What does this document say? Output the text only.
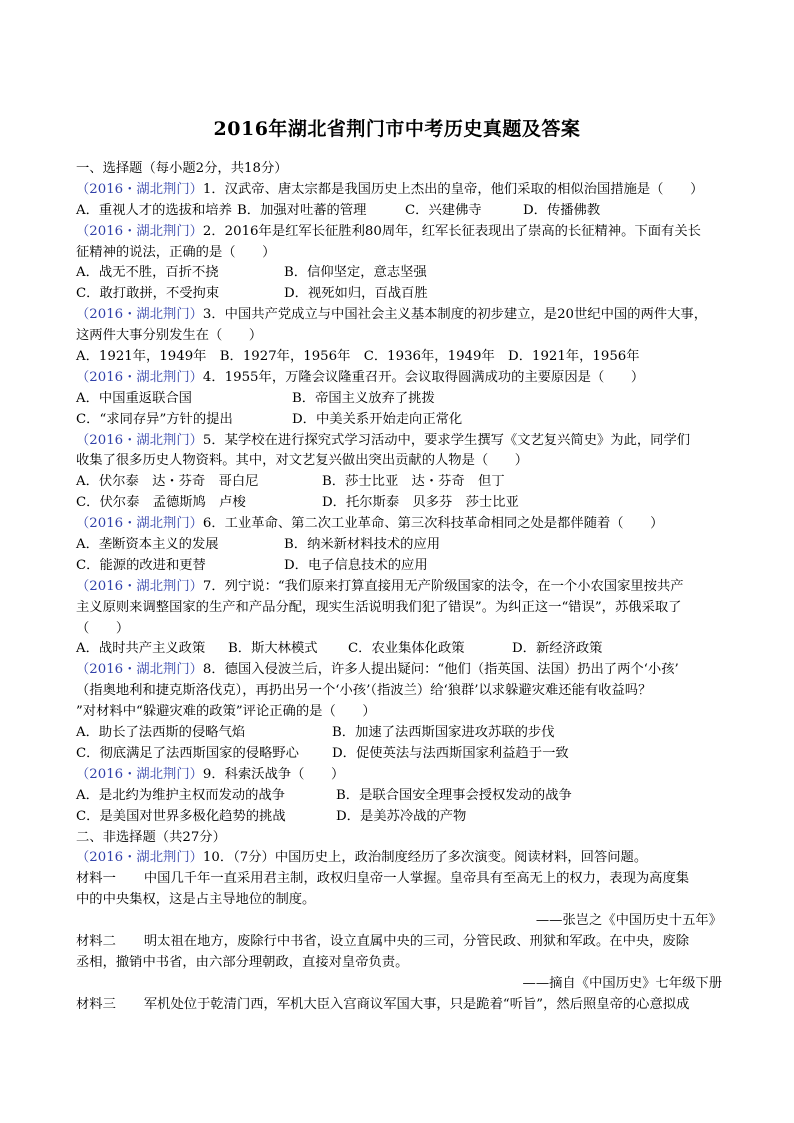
2016年湖北省荆门市中考历史真题及答案
一、选择题（每小题2分，共18分）
（2016・湖北荆门）1．汉武帝、唐太宗都是我国历史上杰出的皇帝，他们采取的相似治国措施是（　　）
A．重视人才的选拔和培养 B．加强对吐蕃的管理	C．兴建佛寺	D．传播佛教
（2016・湖北荆门）2．2016年是红军长征胜利80周年，红军长征表现出了崇高的长征精神。下面有关长
征精神的说法，正确的是（　　）
A．战无不胜，百折不挠	B．信仰坚定，意志坚强
C．敢打敢拼，不受拘束	D．视死如归，百战百胜
（2016・湖北荆门）3．中国共产党成立与中国社会主义基本制度的初步建立，是20世纪中国的两件大事，
这两件大事分别发生在（　　）
A．1921年，1949年　B．1927年，1956年　C．1936年，1949年　D．1921年，1956年
（2016・湖北荆门）4．1955年，万隆会议隆重召开。会议取得圆满成功的主要原因是（　　）
A．中国重返联合国	B．帝国主义放弃了挑拨
C．“求同存异”方针的提出	D．中美关系开始走向正常化
（2016・湖北荆门）5．某学校在进行探究式学习活动中，要求学生撰写《文艺复兴简史》为此，同学们
收集了很多历史人物资料。其中，对文艺复兴做出突出贡献的人物是（　　）
A．伏尔泰　达・芬奇　哥白尼	B．莎士比亚　达・芬奇　但丁
C．伏尔泰　孟德斯鸠　卢梭	D．托尔斯泰　贝多芬　莎士比亚
（2016・湖北荆门）6．工业革命、第二次工业革命、第三次科技革命相同之处是都伴随着（　　）
A．垄断资本主义的发展	B．纳米新材料技术的应用
C．能源的改进和更替	D．电子信息技术的应用
（2016・湖北荆门）7．列宁说：“我们原来打算直接用无产阶级国家的法令，在一个小农国家里按共产
主义原则来调整国家的生产和产品分配，现实生活说明我们犯了错误”。为纠正这一“错误”，苏俄采取了
（　　）
A．战时共产主义政策 B．斯大林模式 C．农业集体化政策	D．新经济政策
（2016・湖北荆门）8．德国入侵波兰后，许多人提出疑问：“他们（指英国、法国）扔出了两个‘小孩’
（指奥地利和捷克斯洛伐克），再扔出另一个‘小孩’（指波兰）给‘狼群’以求躲避灾难还能有收益吗？
”对材料中“躲避灾难的政策”评论正确的是（　　）
A．助长了法西斯的侵略气焰	B．加速了法西斯国家进攻苏联的步伐
C．彻底满足了法西斯国家的侵略野心 D．促使英法与法西斯国家利益趋于一致
（2016・湖北荆门）9．科索沃战争（　　）
A．是北约为维护主权而发动的战争	B．是联合国安全理事会授权发动的战争
C．是美国对世界多极化趋势的挑战	D．是美苏冷战的产物
二、非选择题（共27分）
（2016・湖北荆门）10．（7分）中国历史上，政治制度经历了多次演变。阅读材料，回答问题。
材料一 中国几千年一直采用君主制，政权归皇帝一人掌握。皇帝具有至高无上的权力，表现为高度集
中的中央集权，这是占主导地位的制度。
——张岂之《中国历史十五年》
材料二 明太祖在地方，废除行中书省，设立直属中央的三司，分管民政、刑狱和军政。在中央，废除
丞相，撤销中书省，由六部分理朝政，直接对皇帝负责。
——摘自《中国历史》七年级下册
材料三 军机处位于乾清门西，军机大臣入宫商议军国大事，只是跪着“听旨”，然后照皇帝的心意拟成
